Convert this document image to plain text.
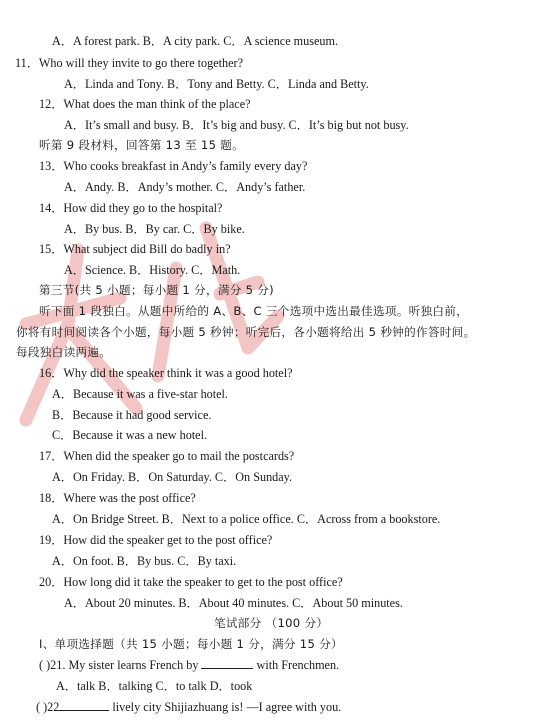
A．A forest park. B．A city park. C．A science museum.
11．Who will they invite to go there together?
A．Linda and Tony. B．Tony and Betty. C．Linda and Betty.
12．What does the man think of the place?
A．It’s small and busy. B．It’s big and busy. C．It’s big but not busy.
听第 9 段材料，回答第 13 至 15 题。
13．Who cooks breakfast in Andy’s family every day?
A．Andy. B．Andy’s mother. C．Andy’s father.
14．How did they go to the hospital?
A．By bus. B．By car. C．By bike.
15．What subject did Bill do badly in?
A．Science. B．History. C．Math.
第三节(共 5 小题；每小题 1 分，满分 5 分)
听下面 1 段独白。从题中所给的 A、B、C 三个选项中选出最佳选项。听独白前，
你将有时间阅读各个小题，每小题 5 秒钟；听完后，各小题将给出 5 秒钟的作答时间。
每段独白读两遍。
16．Why did the speaker think it was a good hotel?
A．Because it was a five-star hotel.
B．Because it had good service.
C．Because it was a new hotel.
17．When did the speaker go to mail the postcards?
A．On Friday. B．On Saturday. C．On Sunday.
18．Where was the post office?
A．On Bridge Street. B．Next to a police office. C．Across from a bookstore.
19．How did the speaker get to the post office?
A．On foot. B．By bus. C．By taxi.
20．How long did it take the speaker to get to the post office?
A．About 20 minutes. B．About 40 minutes. C．About 50 minutes.
笔试部分 （100 分）
Ⅰ、单项选择题（共 15 小题；每小题 1 分，满分 15 分）
( )21. My sister learns French by	with Frenchmen.
A．talk B．talking C．to talk D．took
( )22	lively city Shijiazhuang is! —I agree with you.
